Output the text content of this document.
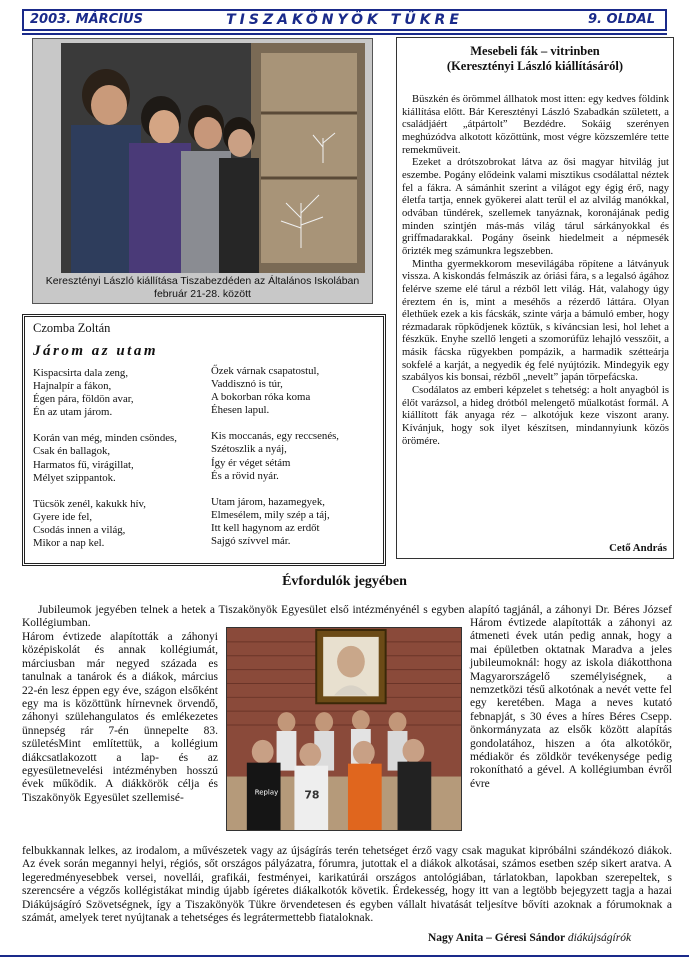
2003. MÁRCIUS	TISZAKÖNYÖK TÜKRE	9. OLDAL
Keresztényi László kiállítása Tiszabezdéden az Általános Iskolában február 21-28. között
Czomba Zoltán
Járom az utam
Kispacsirta dala zeng,
Hajnalpír a fákon,
Égen pára, földön avar,
Én az utam járom.
Korán van még, minden csöndes,
Csak én ballagok,
Harmatos fű, virágillat,
Mélyet szippantok.
Tücsök zenél, kakukk hív,
Gyere ide fel,
Csodás innen a világ,
Mikor a nap kel.
Őzek várnak csapatostul,
Vaddisznó is túr,
A bokorban róka koma
Éhesen lapul.
Kis moccanás, egy reccsenés,
Szétoszlik a nyáj,
Így ér véget sétám
És a rövid nyár.
Utam járom, hazamegyek,
Elmesélem, mily szép a táj,
Itt kell hagynom az erdőt
Sajgó szívvel már.
Mesebeli fák – vitrinben
(Keresztényi László kiállításáról)

Büszkén és örömmel állhatok most itten: egy kedves földink kiállítása előtt. Bár Keresztényi László Szabadkán született, a családjáért „átpártolt” Bezdédre. Sokáig szerényen meghúzódva alkotott közöttünk, most végre közszemlére tette remekműveit.

Ezeket a drótszobrokat látva az ősi magyar hitvilág jut eszembe. Pogány elődeink valami misztikus csodálattal néztek fel a fákra. A sámánhit szerint a világot egy égig érő, nagy életfa tartja, ennek gyökerei alatt terül el az alvilág manókkal, odvában tündérek, szellemek tanyáznak, koronájának pedig minden szintjén más-más világ tárul sárkányokkal és griffmadarakkal. Pogány őseink hiedelmeit a népmesék őrizték meg számunkra legszebben.

Mintha gyermekkorom mesevilágába röpítene a látványuk vissza. A kiskondás felmászik az óriási fára, s a legalsó ágához felérve szeme elé tárul a rézből lett világ. Hát, valahogy úgy éreztem én is, mint a meséhős a rézerdő láttára. Olyan élethűek ezek a kis fácskák, szinte várja a bámuló ember, hogy rézmadarak röpködjenek köztük, s kíváncsian lesi, hol lehet a fészkük. Enyhe szellő lengeti a szomorúfűz lehajló vesszőit, a másik fácska rügyekben pompázik, a harmadik szétteárja sokfelé a karját, a negyedik ég felé nyújtózik. Mindegyik egy szabályos kis bonsai, rézből „nevelt” japán törpefácska.

Csodálatos az emberi képzelet s tehetség: a holt anyagból is élőt varázsol, a hideg drótból melengető műalkotást formál. A kiállított fák anyaga réz – alkotójuk keze viszont arany. Kívánjuk, hogy sok ilyet készítsen, mindannyiunk közös örömére.

Cető András
Évfordulók jegyében
Jubileumok jegyében telnek a hetek a Tiszakönyök Egyesület első intézményénél s egyben alapító tagjánál, a záhonyi Dr. Béres József Kollégiumban.
Három évtizede alapították a záhonyi középiskolát és annak kollégiumát, márciusban már negyed százada es tanulnak a tanárok és a diákok, március 22-én lesz éppen egy éve, szágon elsőként egy ma is közöttünk hírnevnek örvendő, záhonyi szülehangulatos és emlékezetes ünnepség rár 7-én ünnepelte 83. születésMint említettük, a kollégium diákcsatlakozott a lap- és az egyesületnevelési intézményben hosszú évek működik. A diákkörök célja és Tiszakönyök Egyesület szellemisé-	Replay 78
Három évtizede alapították a záhonyi az átmeneti évek után pedig annak, hogy a mai épületben oktatnak Maradva a jeles jubileumoknál: hogy az iskola diákotthona Magyarországelő személyiségnek, a nemzetközi tésű alkotónak a nevét vette fel egy keretében. Maga a neves kutató febnapját, s 30 éves a híres Béres Csepp. önkormányzata az elsők között alapítás gondolatához, hiszen a óta alkotókör, médiakör és zöldkör tevékenysége pedig rokonítható a gével. A kollégiumban évről évre
felbukkannak lelkes, az irodalom, a művészetek vagy az újságírás terén tehetséget érző vagy csak magukat kipróbálni szándékozó diákok. Az évek során megannyi helyi, régiós, sőt országos pályázatra, fórumra, jutottak el a diákok alkotásai, számos esetben szép sikert aratva. A legeredményesebbek versei, novellái, grafikái, festményei, karikatúrái országos antológiában, tárlatokban, lapokban szerepeltek, s szerencsére a végzős kollégistákat mindig újabb ígéretes diákalkotók követik. Érdekesség, hogy itt van a legtöbb bejegyzett tagja a hazai Diákújságíró Szövetségnek, így a Tiszakönyök Tükre örvendetesen és egyben vállalt hivatását teljesítve bővíti azoknak a fórumoknak a számát, amelyek teret nyújtanak a tehetséges és legrátermettebb fiataloknak.
Nagy Anita – Géresi Sándor diákújságírók
